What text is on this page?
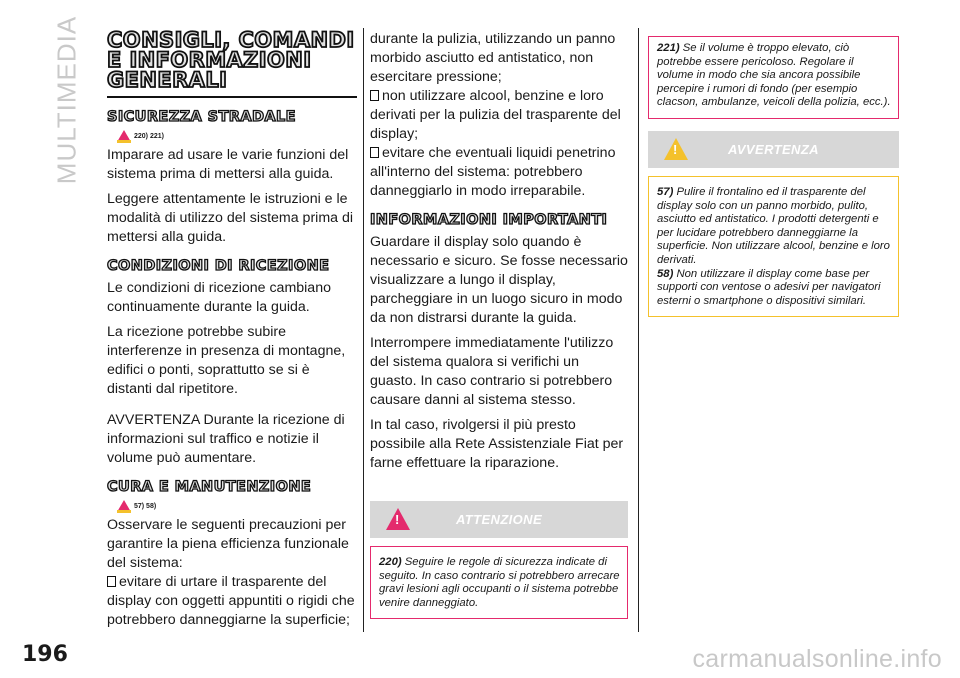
MULTIMEDIA CONSIGLI, COMANDI E INFORMAZIONI GENERALI
SICUREZZA STRADALE
220) 221)

Imparare ad usare le varie funzioni del sistema prima di mettersi alla guida.

Leggere attentamente le istruzioni e le modalità di utilizzo del sistema prima di mettersi alla guida.

CONDIZIONI DI RICEZIONE

Le condizioni di ricezione cambiano continuamente durante la guida.

La ricezione potrebbe subire interferenze in presenza di montagne, edifici o ponti, soprattutto se si è distanti dal ripetitore.

AVVERTENZA Durante la ricezione di informazioni sul traffico e notizie il volume può aumentare.

CURA E MANUTENZIONE
57) 58)

Osservare le seguenti precauzioni per garantire la piena efficienza funzionale del sistema:

evitare di urtare il trasparente del display con oggetti appuntiti o rigidi che potrebbero danneggiarne la superficie;

durante la pulizia, utilizzando un panno morbido asciutto ed antistatico, non esercitare pressione;

non utilizzare alcool, benzine e loro derivati per la pulizia del trasparente del display;

evitare che eventuali liquidi penetrino all'interno del sistema: potrebbero danneggiarlo in modo irreparabile.

INFORMAZIONI IMPORTANTI

Guardare il display solo quando è necessario e sicuro. Se fosse necessario visualizzare a lungo il display, parcheggiare in un luogo sicuro in modo da non distrarsi durante la guida.

Interrompere immediatamente l'utilizzo del sistema qualora si verifichi un guasto. In caso contrario si potrebbero causare danni al sistema stesso.

In tal caso, rivolgersi il più presto possibile alla Rete Assistenziale Fiat per farne effettuare la riparazione.

!	ATTENZIONE
220) Seguire le regole di sicurezza indicate di seguito. In caso contrario si potrebbero arrecare gravi lesioni agli occupanti o il sistema potrebbe venire danneggiato.
221) Se il volume è troppo elevato, ciò potrebbe essere pericoloso. Regolare il volume in modo che sia ancora possibile percepire i rumori di fondo (per esempio clacson, ambulanze, veicoli della polizia, ecc.).
!	AVVERTENZA
57) Pulire il frontalino ed il trasparente del display solo con un panno morbido, pulito, asciutto ed antistatico. I prodotti detergenti e per lucidare potrebbero danneggiarne la superficie. Non utilizzare alcool, benzine e loro derivati.
58) Non utilizzare il display come base per supporti con ventose o adesivi per navigatori esterni o smartphone o dispositivi similari.
196	carmanualsonline.info
